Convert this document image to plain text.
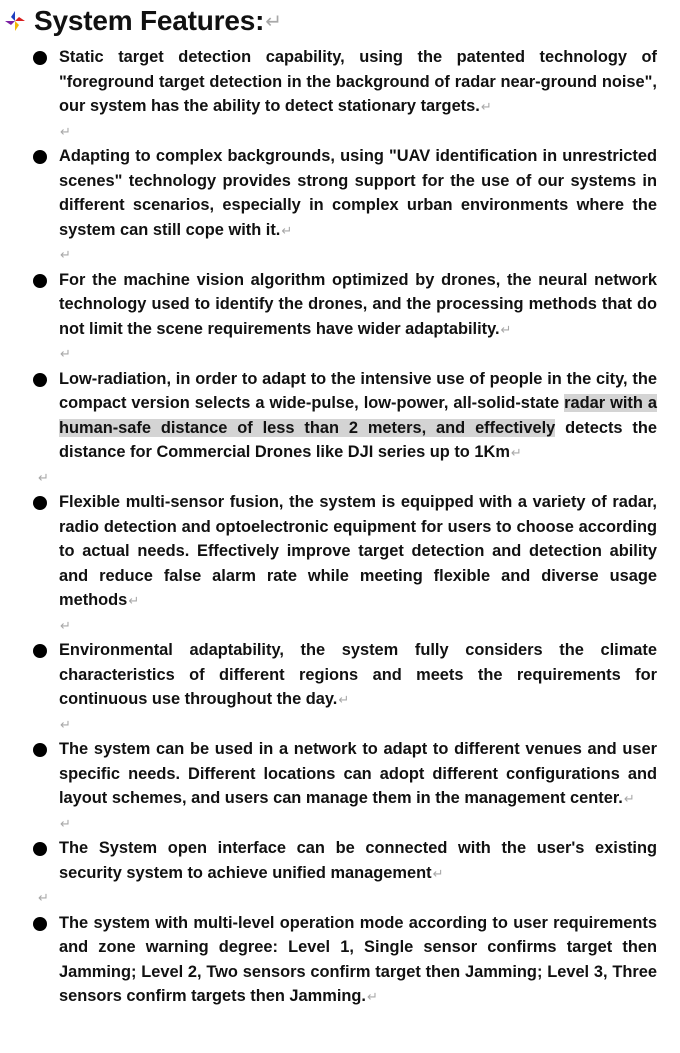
System Features: ↵
Static target detection capability, using the patented technology of "foreground target detection in the background of radar near-ground noise", our system has the ability to detect stationary targets.↵
↵
Adapting to complex backgrounds, using "UAV identification in unrestricted scenes" technology provides strong support for the use of our systems in different scenarios, especially in complex urban environments where the system can still cope with it.↵
↵
For the machine vision algorithm optimized by drones, the neural network technology used to identify the drones, and the processing methods that do not limit the scene requirements have wider adaptability.↵
↵
Low-radiation, in order to adapt to the intensive use of people in the city, the compact version selects a wide-pulse, low-power, all-solid-state radar with a human-safe distance of less than 2 meters, and effectively detects the distance for Commercial Drones like DJI series up to 1Km↵
↵
Flexible multi-sensor fusion, the system is equipped with a variety of radar, radio detection and optoelectronic equipment for users to choose according to actual needs. Effectively improve target detection and detection ability and reduce false alarm rate while meeting flexible and diverse usage methods↵
↵
Environmental adaptability, the system fully considers the climate characteristics of different regions and meets the requirements for continuous use throughout the day.↵
↵
The system can be used in a network to adapt to different venues and user specific needs. Different locations can adopt different configurations and layout schemes, and users can manage them in the management center.↵
↵
The System open interface can be connected with the user's existing security system to achieve unified management↵
↵
The system with multi-level operation mode according to user requirements and zone warning degree: Level 1, Single sensor confirms target then Jamming; Level 2, Two sensors confirm target then Jamming; Level 3, Three sensors confirm targets then Jamming.↵
